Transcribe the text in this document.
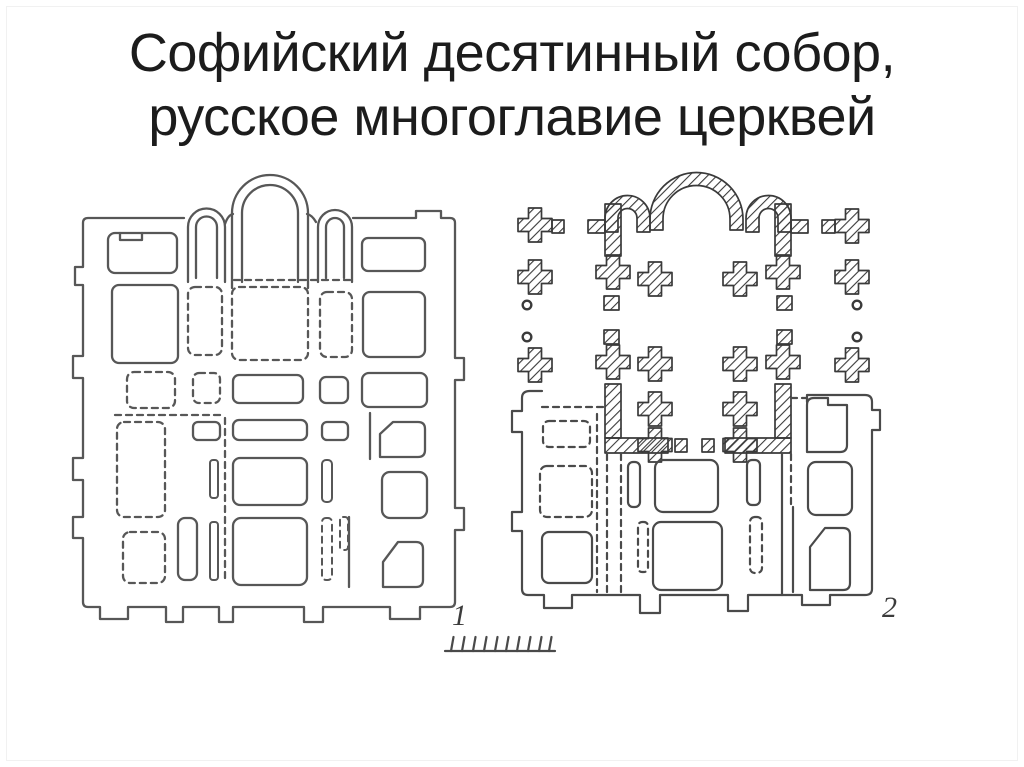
Софийский десятинный собор,
русское многоглавие церквей
1	2
